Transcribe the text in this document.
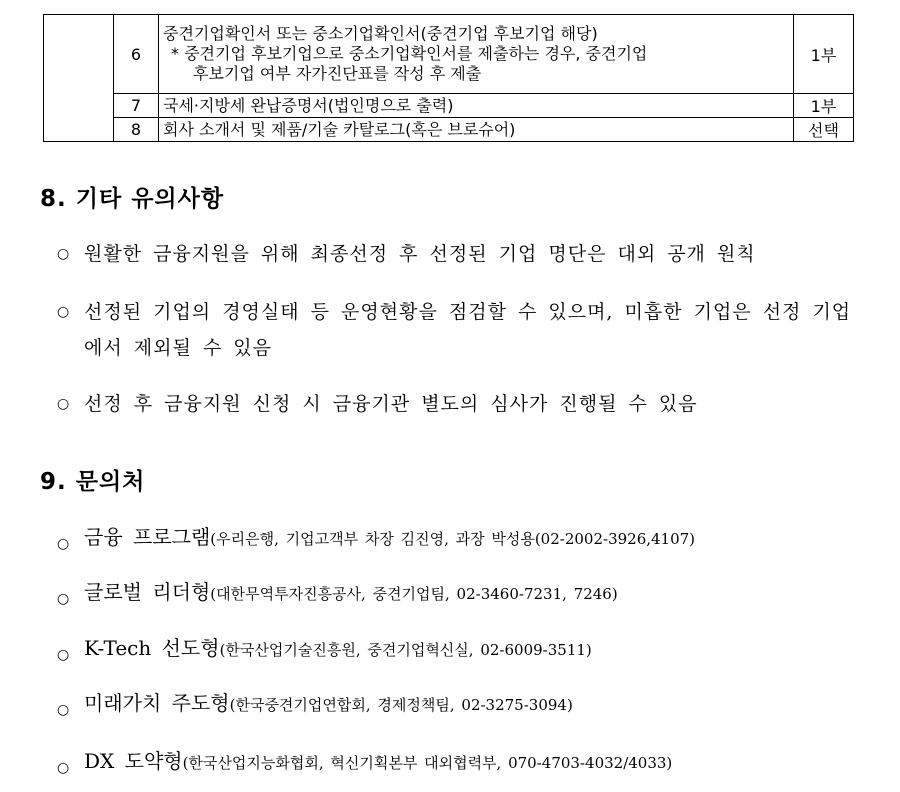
	6	중견기업확인서 또는 중소기업확인서(중견기업 후보기업 해당)
* 중견기업 후보기업으로 중소기업확인서를 제출하는 경우, 중견기업
후보기업 여부 자가진단표를 작성 후 제출	1부
	7	국세·지방세 완납증명서(법인명으로 출력)	1부
	8	회사 소개서 및 제품/기술 카탈로그(혹은 브로슈어)	선택
8. 기타 유의사항
○ 원활한 금융지원을 위해 최종선정 후 선정된 기업 명단은 대외 공개 원칙
○ 선정된 기업의 경영실태 등 운영현황을 점검할 수 있으며, 미흡한 기업은 선정 기업에서 제외될 수 있음
○ 선정 후 금융지원 신청 시 금융기관 별도의 심사가 진행될 수 있음
9. 문의처
○ 금융 프로그램(우리은행, 기업고객부 차장 김진영, 과장 박성용(02-2002-3926,4107)
○ 글로벌 리더형(대한무역투자진흥공사, 중견기업팀, 02-3460-7231, 7246)
○ K-Tech 선도형(한국산업기술진흥원, 중견기업혁신실, 02-6009-3511)
○ 미래가치 주도형(한국중견기업연합회, 경제정책팀, 02-3275-3094)
○ DX 도약형(한국산업지능화협회, 혁신기획본부 대외협력부, 070-4703-4032/4033)
